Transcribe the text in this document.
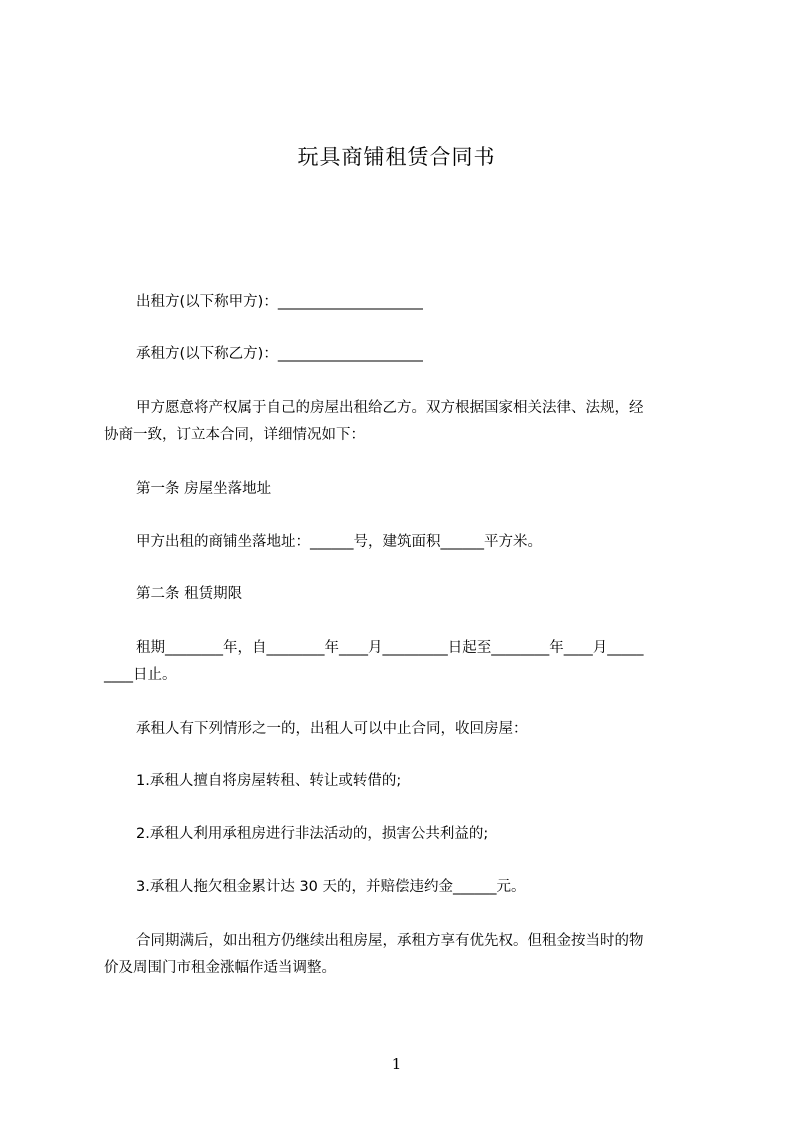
玩具商铺租赁合同书
出租方(以下称甲方)：____________________
承租方(以下称乙方)：____________________
甲方愿意将产权属于自己的房屋出租给乙方。双方根据国家相关法律、法规，经
协商一致，订立本合同，详细情况如下：
第一条 房屋坐落地址
甲方出租的商铺坐落地址：______号，建筑面积______平方米。
第二条 租赁期限
租期________年，自________年____月_________日起至________年____月_____
____日止。
承租人有下列情形之一的，出租人可以中止合同，收回房屋：
1.承租人擅自将房屋转租、转让或转借的;
2.承租人利用承租房进行非法活动的，损害公共利益的;
3.承租人拖欠租金累计达 30 天的，并赔偿违约金______元。
合同期满后，如出租方仍继续出租房屋，承租方享有优先权。但租金按当时的物
价及周围门市租金涨幅作适当调整。
1
